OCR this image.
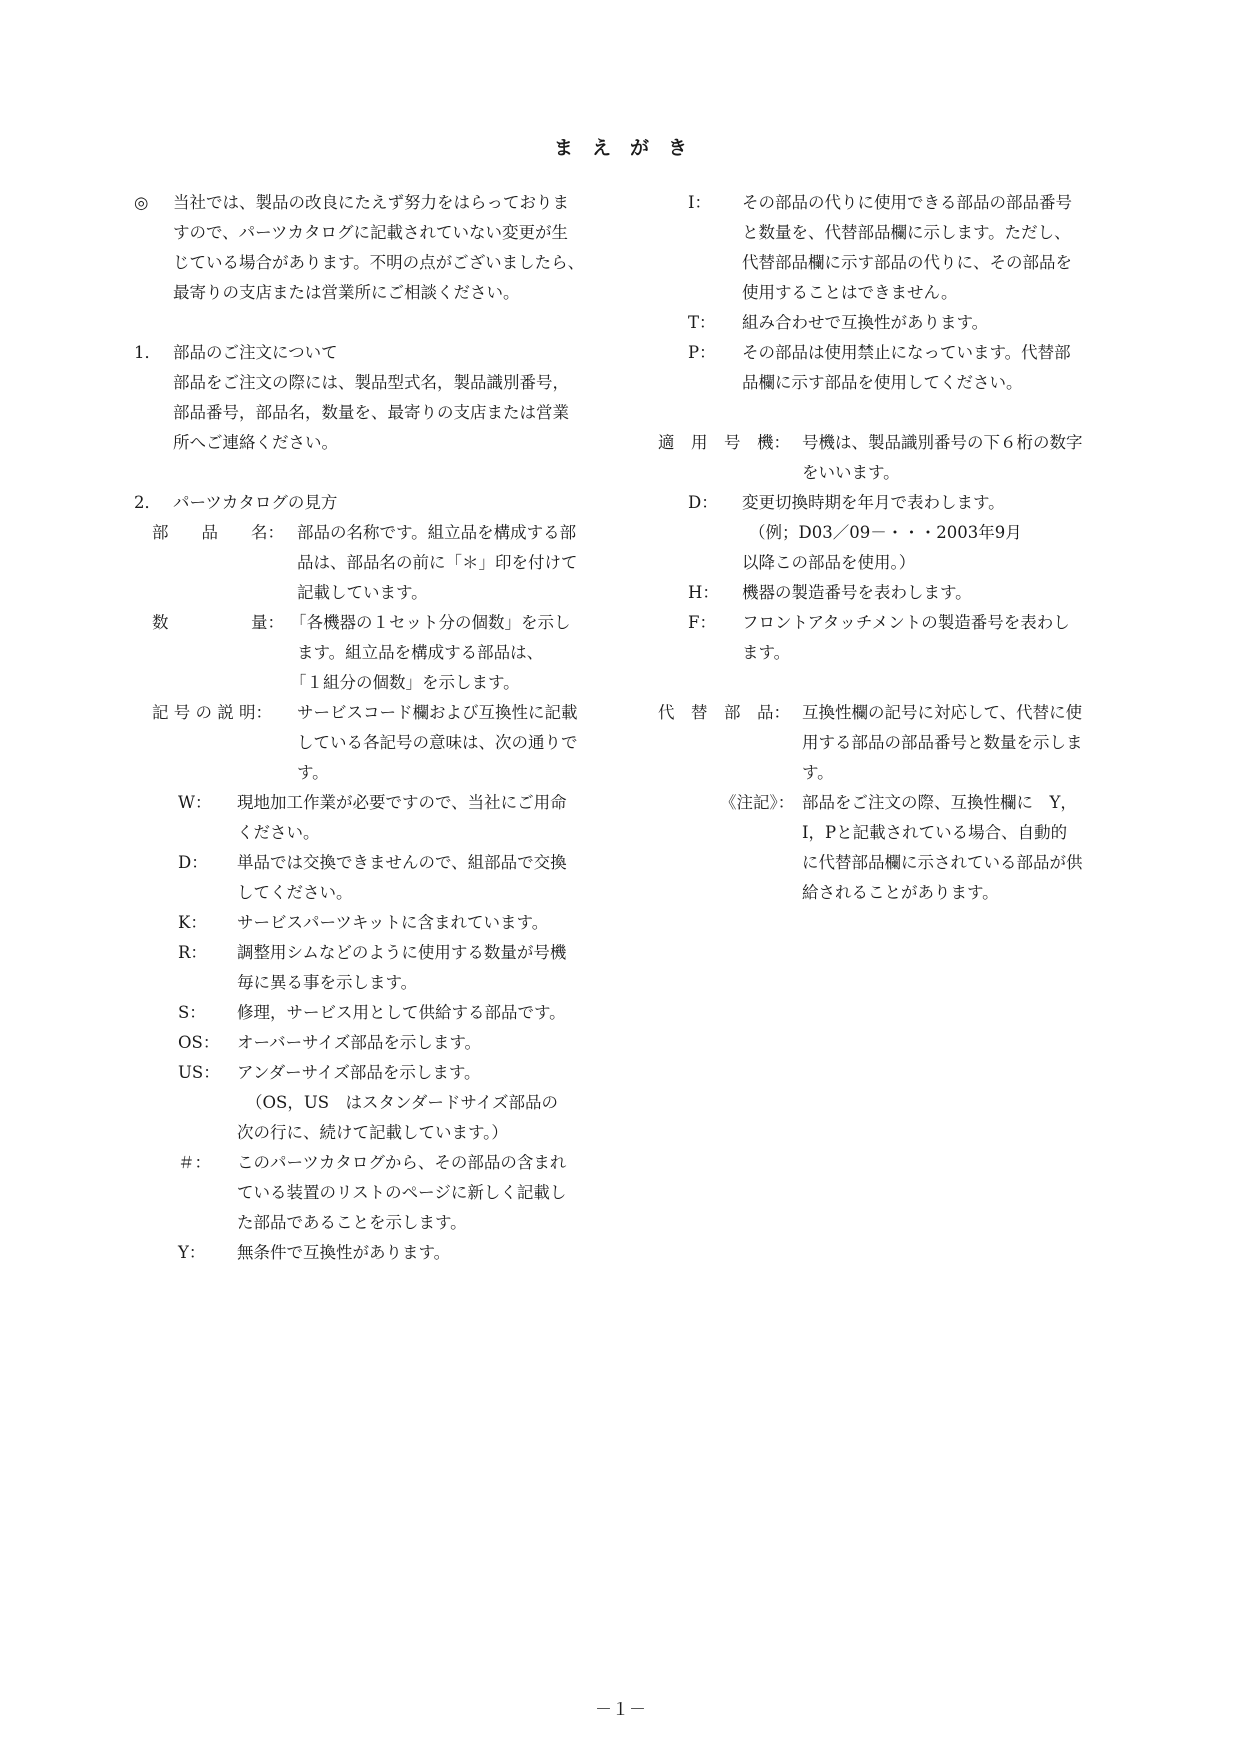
ま　え　が　き
◎ 当社では、製品の改良にたえず努力をはらっておりま
すので、パーツカタログに記載されていない変更が生
じている場合があります。不明の点がございましたら、
最寄りの支店または営業所にご相談ください。
1． 部品のご注文について
部品をご注文の際には、製品型式名，製品識別番号，
部品番号，部品名，数量を、最寄りの支店または営業
所へご連絡ください。
2． パーツカタログの見方
部　　品　　名： 部品の名称です。組立品を構成する部
品は、部品名の前に「＊」印を付けて
記載しています。
数　　　　　量： 「各機器の１セット分の個数」を示し
ます。組立品を構成する部品は、
「１組分の個数」を示します。
記 号 の 説 明： サービスコード欄および互換性に記載
している各記号の意味は、次の通りで
す。
W： 現地加工作業が必要ですので、当社にご用命
ください。
D： 単品では交換できませんので、組部品で交換
してください。
K： サービスパーツキットに含まれています。
R： 調整用シムなどのように使用する数量が号機
毎に異る事を示します。
S： 修理，サービス用として供給する部品です。
OS： オーバーサイズ部品を示します。
US： アンダーサイズ部品を示します。
（OS，US　はスタンダードサイズ部品の
次の行に、続けて記載しています。）
＃： このパーツカタログから、その部品の含まれ
ている装置のリストのページに新しく記載し
た部品であることを示します。
Y： 無条件で互換性があります。
I： その部品の代りに使用できる部品の部品番号
と数量を、代替部品欄に示します。ただし、
代替部品欄に示す部品の代りに、その部品を
使用することはできません。
T： 組み合わせで互換性があります。
P： その部品は使用禁止になっています。代替部
品欄に示す部品を使用してください。
適　用　号　機： 号機は、製品識別番号の下６桁の数字
をいいます。
D： 変更切換時期を年月で表わします。
（例；D03／09－・・・2003年9月
以降この部品を使用。）
H： 機器の製造番号を表わします。
F： フロントアタッチメントの製造番号を表わし
ます。
代　替　部　品： 互換性欄の記号に対応して、代替に使
用する部品の部品番号と数量を示しま
す。
《注記》： 部品をご注文の際、互換性欄に　Y，
I，Pと記載されている場合、自動的
に代替部品欄に示されている部品が供
給されることがあります。
－１－
